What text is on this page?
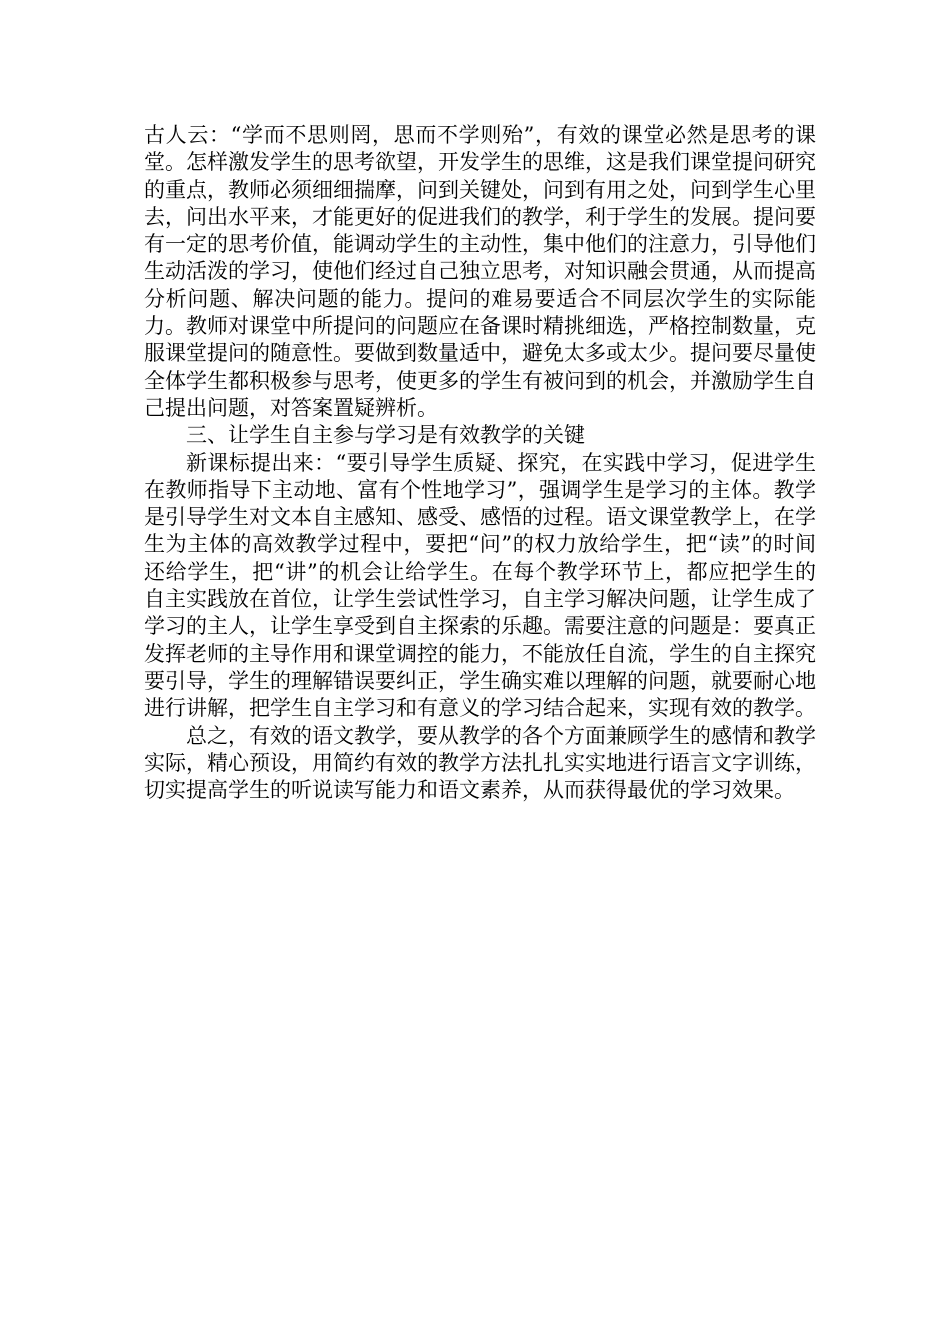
古人云：“学而不思则罔，思而不学则殆”，有效的课堂必然是思考的课堂。怎样激发学生的思考欲望，开发学生的思维，这是我们课堂提问研究的重点，教师必须细细揣摩，问到关键处，问到有用之处，问到学生心里去，问出水平来，才能更好的促进我们的教学，利于学生的发展。提问要有一定的思考价值，能调动学生的主动性，集中他们的注意力，引导他们生动活泼的学习，使他们经过自己独立思考，对知识融会贯通，从而提高分析问题、解决问题的能力。提问的难易要适合不同层次学生的实际能力。教师对课堂中所提问的问题应在备课时精挑细选，严格控制数量，克服课堂提问的随意性。要做到数量适中，避免太多或太少。提问要尽量使全体学生都积极参与思考，使更多的学生有被问到的机会，并激励学生自己提出问题，对答案置疑辨析。

三、让学生自主参与学习是有效教学的关键

新课标提出来：“要引导学生质疑、探究，在实践中学习，促进学生在教师指导下主动地、富有个性地学习”，强调学生是学习的主体。教学是引导学生对文本自主感知、感受、感悟的过程。语文课堂教学上，在学生为主体的高效教学过程中，要把“问”的权力放给学生，把“读”的时间还给学生，把“讲”的机会让给学生。在每个教学环节上，都应把学生的自主实践放在首位，让学生尝试性学习，自主学习解决问题，让学生成了学习的主人，让学生享受到自主探索的乐趣。需要注意的问题是：要真正发挥老师的主导作用和课堂调控的能力，不能放任自流，学生的自主探究要引导，学生的理解错误要纠正，学生确实难以理解的问题，就要耐心地进行讲解，把学生自主学习和有意义的学习结合起来，实现有效的教学。

总之，有效的语文教学，要从教学的各个方面兼顾学生的感情和教学实际，精心预设，用简约有效的教学方法扎扎实实地进行语言文字训练，切实提高学生的听说读写能力和语文素养，从而获得最优的学习效果。
